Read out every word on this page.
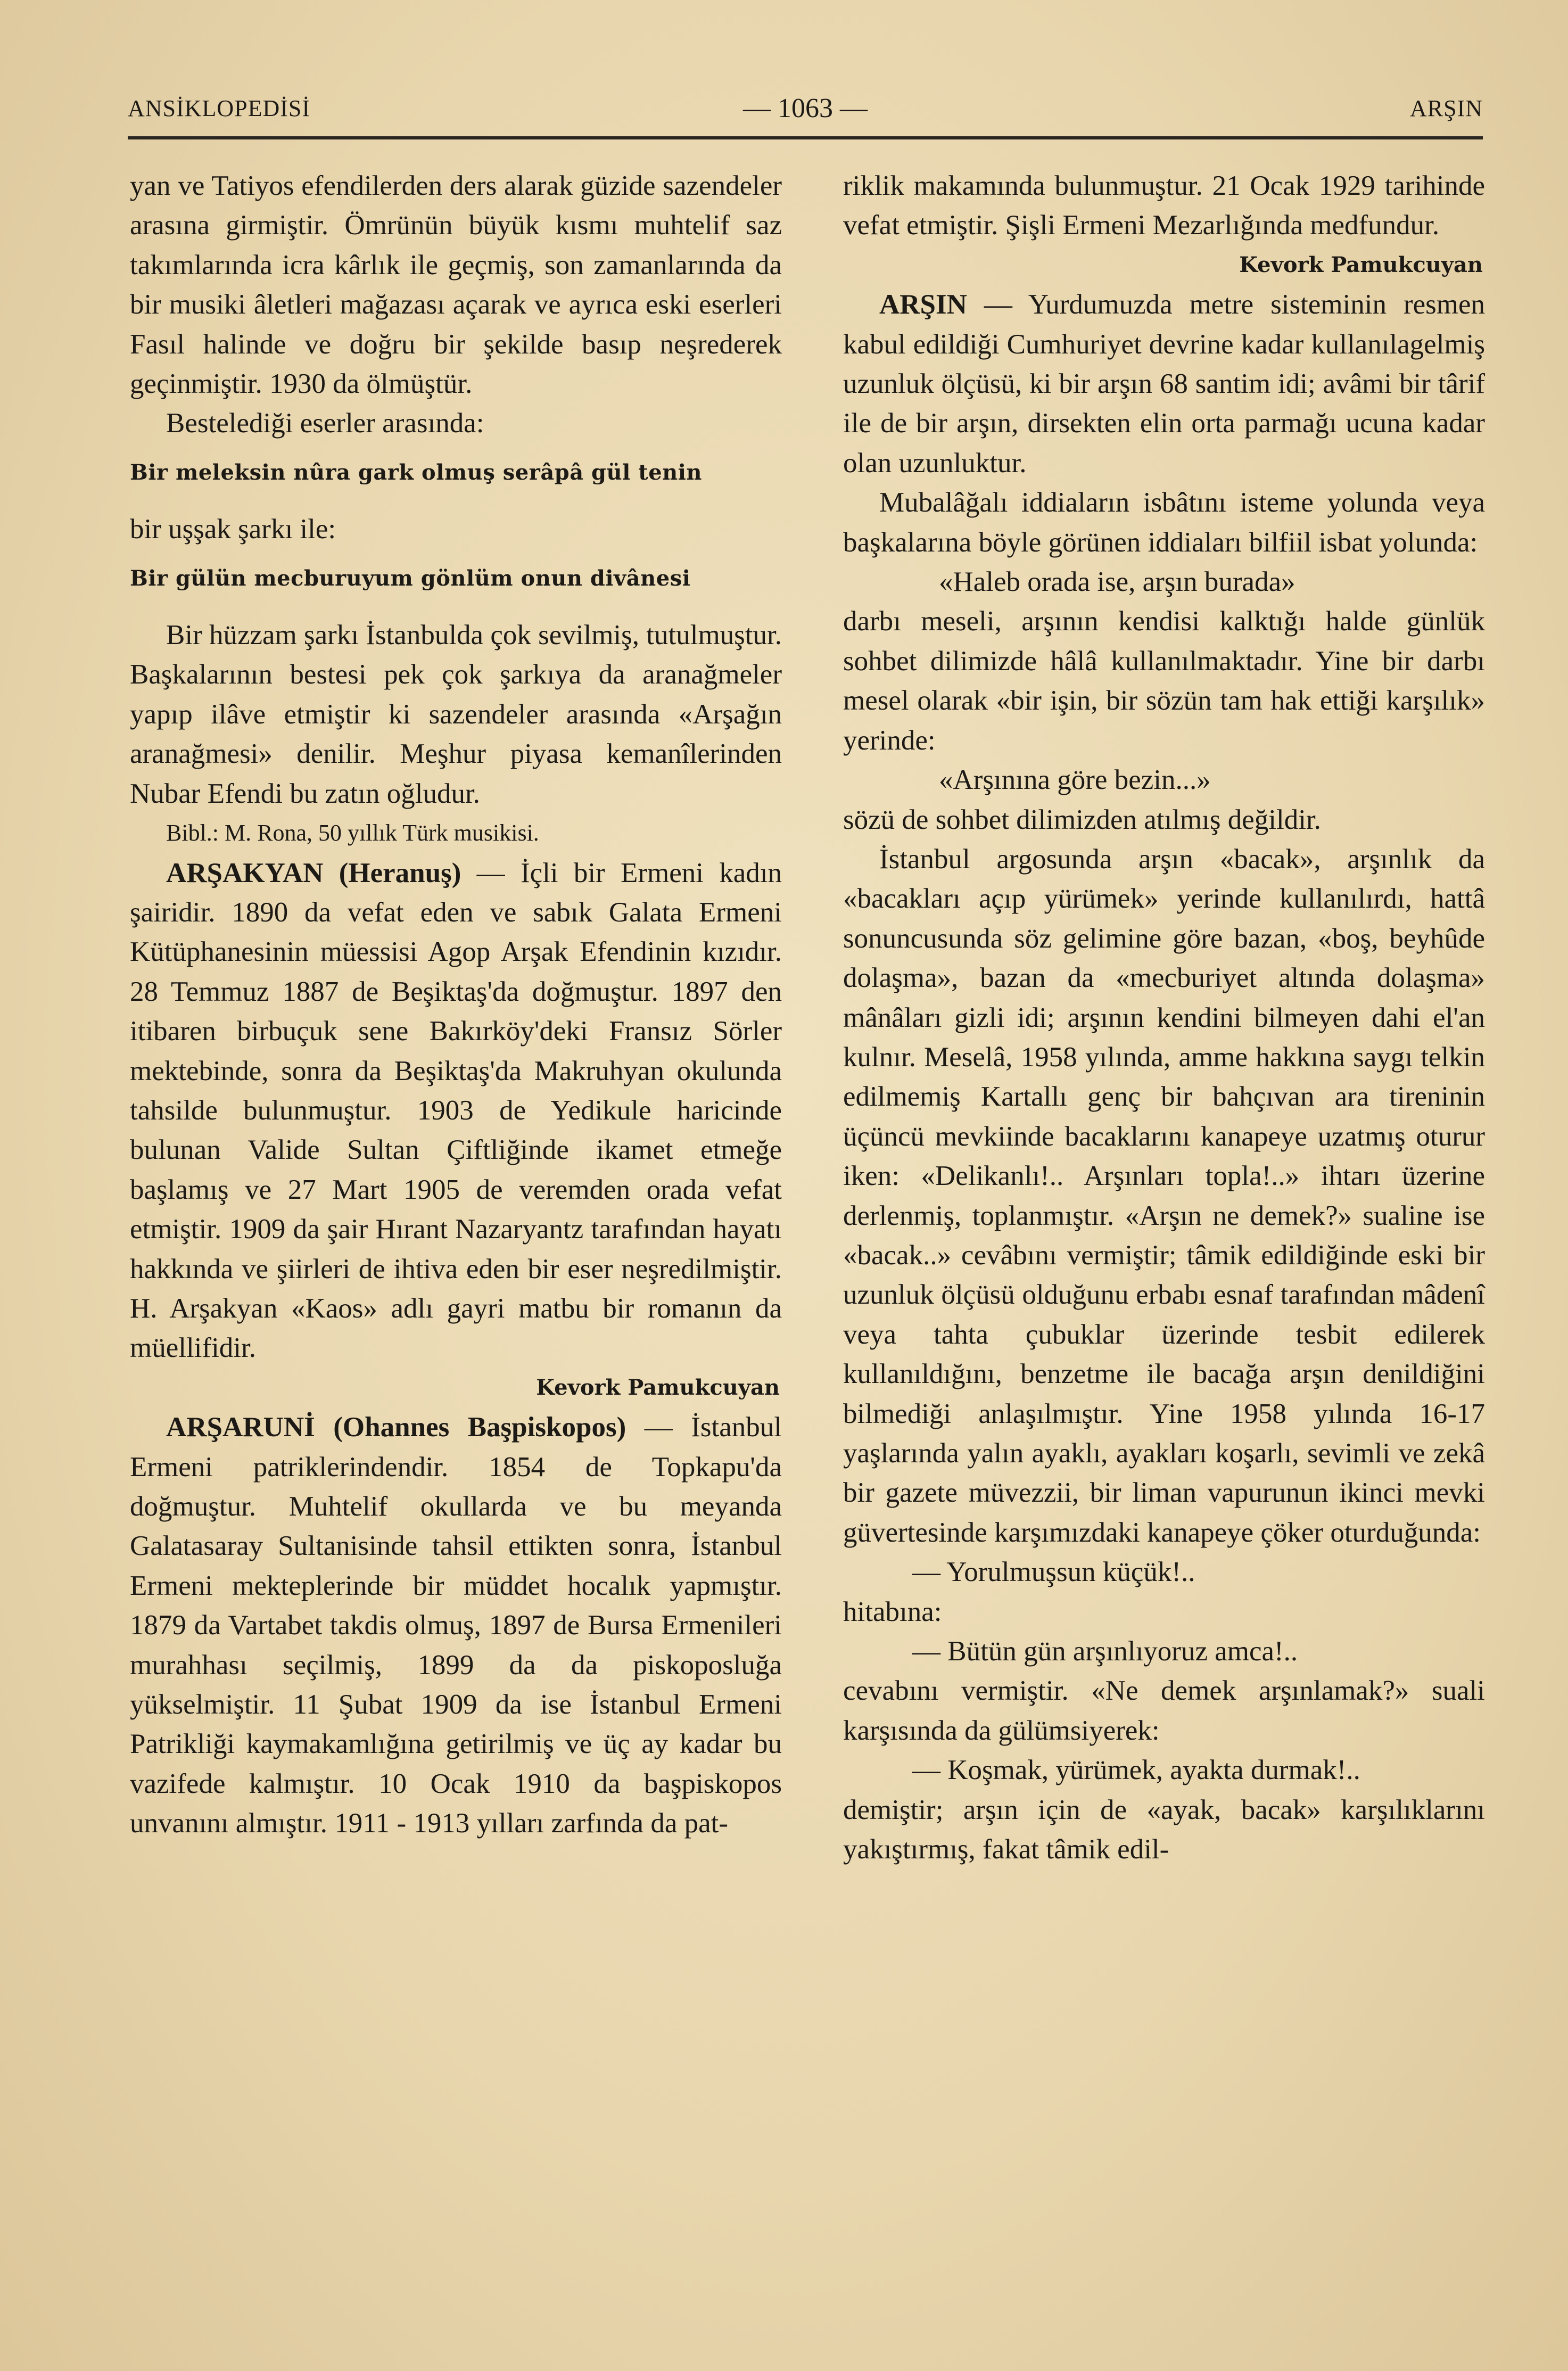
ANSİKLOPEDİSİ	— 1063 —	ARŞIN

yan ve Tatiyos efendilerden ders alarak güzide sazendeler arasına girmiştir. Ömrünün büyük kısmı muhtelif saz takımlarında icra kârlık ile geçmiş, son zamanlarında da bir musiki âletleri mağazası açarak ve ayrıca eski eserleri Fasıl halinde ve doğru bir şekilde basıp neşrederek geçinmiştir. 1930 da ölmüştür.

Bestelediği eserler arasında:

Bir meleksin nûra gark olmuş serâpâ gül tenin

bir uşşak şarkı ile:

Bir gülün mecburuyum gönlüm onun divânesi

Bir hüzzam şarkı İstanbulda çok sevilmiş, tutulmuştur. Başkalarının bestesi pek çok şarkıya da aranağmeler yapıp ilâve etmiştir ki sazendeler arasında «Arşağın aranağmesi» denilir. Meşhur piyasa kemanîlerinden Nubar Efendi bu zatın oğludur.

Bibl.: M. Rona, 50 yıllık Türk musikisi.

ARŞAKYAN (Heranuş) — İçli bir Ermeni kadın şairidir. 1890 da vefat eden ve sabık Galata Ermeni Kütüphanesinin müessisi Agop Arşak Efendinin kızıdır. 28 Temmuz 1887 de Beşiktaş'da doğmuştur. 1897 den itibaren birbuçuk sene Bakırköy'deki Fransız Sörler mektebinde, sonra da Beşiktaş'da Makruhyan okulunda tahsilde bulunmuştur. 1903 de Yedikule haricinde bulunan Valide Sultan Çiftliğinde ikamet etmeğe başlamış ve 27 Mart 1905 de veremden orada vefat etmiştir. 1909 da şair Hırant Nazaryantz tarafından hayatı hakkında ve şiirleri de ihtiva eden bir eser neşredilmiştir. H. Arşakyan «Kaos» adlı gayri matbu bir romanın da müellifidir.

Kevork Pamukcuyan

ARŞARUNİ (Ohannes Başpiskopos) — İstanbul Ermeni patriklerindendir. 1854 de Topkapu'da doğmuştur. Muhtelif okullarda ve bu meyanda Galatasaray Sultanisinde tahsil ettikten sonra, İstanbul Ermeni mekteplerinde bir müddet hocalık yapmıştır. 1879 da Vartabet takdis olmuş, 1897 de Bursa Ermenileri murahhası seçilmiş, 1899 da da piskoposluğa yükselmiştir. 11 Şubat 1909 da ise İstanbul Ermeni Patrikliği kaymakamlığına getirilmiş ve üç ay kadar bu vazifede kalmıştır. 10 Ocak 1910 da başpiskopos unvanını almıştır. 1911 - 1913 yılları zarfında da pat-

riklik makamında bulunmuştur. 21 Ocak 1929 tarihinde vefat etmiştir. Şişli Ermeni Mezarlığında medfundur.

Kevork Pamukcuyan

ARŞIN — Yurdumuzda metre sisteminin resmen kabul edildiği Cumhuriyet devrine kadar kullanılagelmiş uzunluk ölçüsü, ki bir arşın 68 santim idi; avâmi bir târif ile de bir arşın, dirsekten elin orta parmağı ucuna kadar olan uzunluktur.

Mubalâğalı iddiaların isbâtını isteme yolunda veya başkalarına böyle görünen iddiaları bilfiil isbat yolunda:

«Haleb orada ise, arşın burada»

darbı meseli, arşının kendisi kalktığı halde günlük sohbet dilimizde hâlâ kullanılmaktadır. Yine bir darbı mesel olarak «bir işin, bir sözün tam hak ettiği karşılık» yerinde:

«Arşınına göre bezin...»

sözü de sohbet dilimizden atılmış değildir.

İstanbul argosunda arşın «bacak», arşınlık da «bacakları açıp yürümek» yerinde kullanılırdı, hattâ sonuncusunda söz gelimine göre bazan, «boş, beyhûde dolaşma», bazan da «mecburiyet altında dolaşma» mânâları gizli idi; arşının kendini bilmeyen dahi el'an kulnır. Meselâ, 1958 yılında, amme hakkına saygı telkin edilmemiş Kartallı genç bir bahçıvan ara tireninin üçüncü mevkiinde bacaklarını kanapeye uzatmış oturur iken: «Delikanlı!.. Arşınları topla!..» ihtarı üzerine derlenmiş, toplanmıştır. «Arşın ne demek?» sualine ise «bacak..» cevâbını vermiştir; tâmik edildiğinde eski bir uzunluk ölçüsü olduğunu erbabı esnaf tarafından mâdenî veya tahta çubuklar üzerinde tesbit edilerek kullanıldığını, benzetme ile bacağa arşın denildiğini bilmediği anlaşılmıştır. Yine 1958 yılında 16-17 yaşlarında yalın ayaklı, ayakları koşarlı, sevimli ve zekâ bir gazete müvezzii, bir liman vapurunun ikinci mevki güvertesinde karşımızdaki kanapeye çöker oturduğunda:

— Yorulmuşsun küçük!..

hitabına:

— Bütün gün arşınlıyoruz amca!..

cevabını vermiştir. «Ne demek arşınlamak?» suali karşısında da gülümsiyerek:

— Koşmak, yürümek, ayakta durmak!..

demiştir; arşın için de «ayak, bacak» karşılıklarını yakıştırmış, fakat tâmik edil-
